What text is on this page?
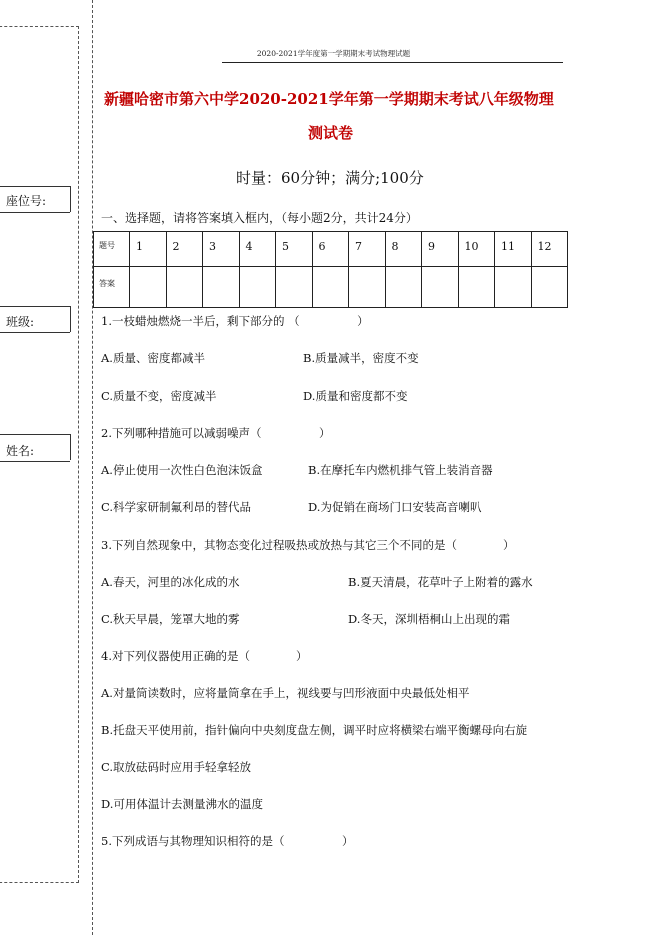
座位号:
班级:
姓名:
2020-2021学年度第一学期期末考试物理试题
新疆哈密市第六中学2020-2021学年第一学期期末考试八年级物理
测试卷
时量：60分钟；满分;100分
一、选择题，请将答案填入框内，（每小题2分，共计24分）
题号	1	2	3	4	5	6	7	8	9	10	11	12
答案												
1.一枝蜡烛燃烧一半后，剩下部分的 （　　　　　）
A.质量、密度都减半	B.质量减半，密度不变
C.质量不变，密度减半	D.质量和密度都不变
2.下列哪种措施可以减弱噪声（　　　　　）
A.停止使用一次性白色泡沫饭盒	B.在摩托车内燃机排气管上装消音器
C.科学家研制氟利昂的替代品	D.为促销在商场门口安装高音喇叭
3.下列自然现象中，其物态变化过程吸热或放热与其它三个不同的是（　　　　）
A.春天，河里的冰化成的水	B.夏天清晨，花草叶子上附着的露水
C.秋天早晨，笼罩大地的雾	D.冬天，深圳梧桐山上出现的霜
4.对下列仪器使用正确的是（　　　　）
A.对量筒读数时，应将量筒拿在手上，视线要与凹形液面中央最低处相平
B.托盘天平使用前，指针偏向中央刻度盘左侧，调平时应将横梁右端平衡螺母向右旋
C.取放砝码时应用手轻拿轻放
D.可用体温计去测量沸水的温度
5.下列成语与其物理知识相符的是（　　　　　）
